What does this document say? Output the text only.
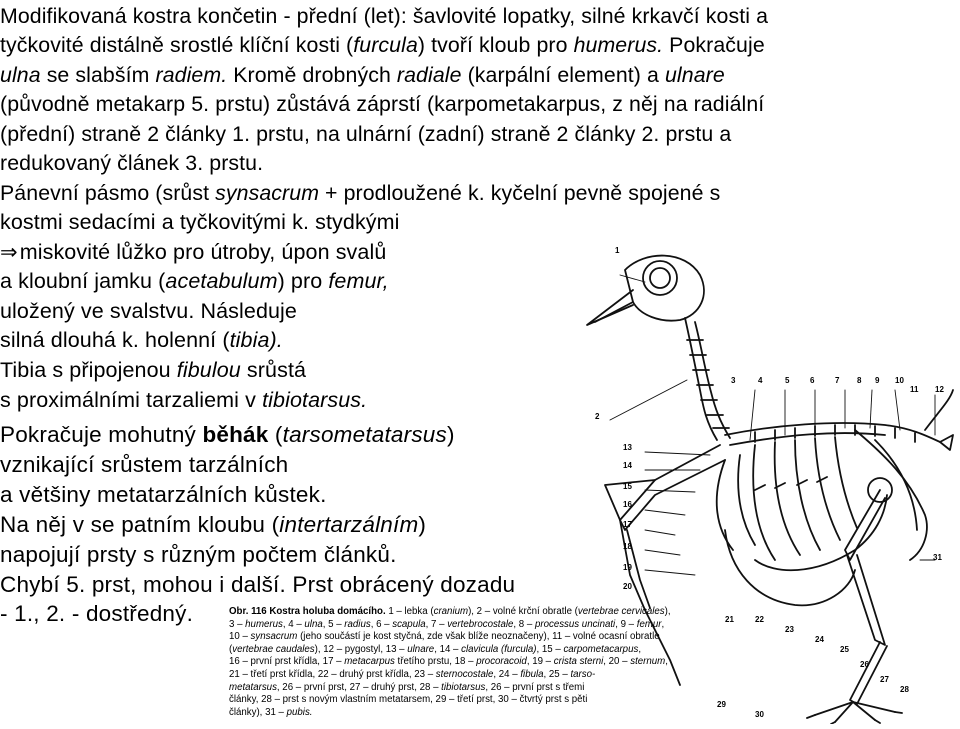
Modifikovaná kostra končetin - přední (let): šavlovité lopatky, silné krkavčí kosti a
tyčkovité distálně srostlé klíční kosti (furcula) tvoří kloub pro humerus. Pokračuje
ulna se slabším radiem. Kromě drobných radiale (karpální element) a ulnare
(původně metakarp 5. prstu) zůstává záprstí (karpometakarpus, z něj na radiální
(přední) straně 2 články 1. prstu, na ulnární (zadní) straně 2 články 2. prstu a
redukovaný článek 3. prstu.
Pánevní pásmo (srůst synsacrum + prodloužené k. kyčelní pevně spojené s
kostmi sedacími a tyčkovitými k. stydkými
⇒miskovité lůžko pro útroby, úpon svalů
a kloubní jamku (acetabulum) pro femur,
uložený ve svalstvu. Následuje
silná dlouhá k. holenní (tibia).
Tibia s připojenou fibulou srůstá
s proximálními tarzaliemi v tibiotarsus.
Pokračuje mohutný běhák (tarsometatarsus)
vznikající srůstem tarzálních
a většiny metatarzálních kůstek.
Na něj v se patním kloubu (intertarzálním)
napojují prsty s různým počtem článků.
Chybí 5. prst, mohou i další. Prst obrácený dozadu
- 1., 2. - dostředný.
1
2
3	4	5	6	7 8 9 10
11 12
13
14
15
16
17
18
19
20
21	22
23
24
25
26
27
28
29
30
31
Obr. 116 Kostra holuba domácího. 1 – lebka (cranium), 2 – volné krční obratle (vertebrae cervicales),
3 – humerus, 4 – ulna, 5 – radius, 6 – scapula, 7 – vertebrocostale, 8 – processus uncinati, 9 – femur,
10 – synsacrum (jeho součástí je kost styčná, zde však blíže neoznačeny), 11 – volné ocasní obratle
(vertebrae caudales), 12 – pygostyl, 13 – ulnare, 14 – clavicula (furcula), 15 – carpometacarpus,
16 – první prst křídla, 17 – metacarpus třetího prstu, 18 – procoracoid, 19 – crista sterni, 20 – sternum,
21 – třetí prst křídla, 22 – druhý prst křídla, 23 – sternocostale, 24 – fibula, 25 – tarso-
metatarsus, 26 – první prst, 27 – druhý prst, 28 – tibiotarsus, 26 – první prst s třemi
články, 28 – prst s novým vlastním metatarsem, 29 – třetí prst, 30 – čtvrtý prst s pěti
články), 31 – pubis.
